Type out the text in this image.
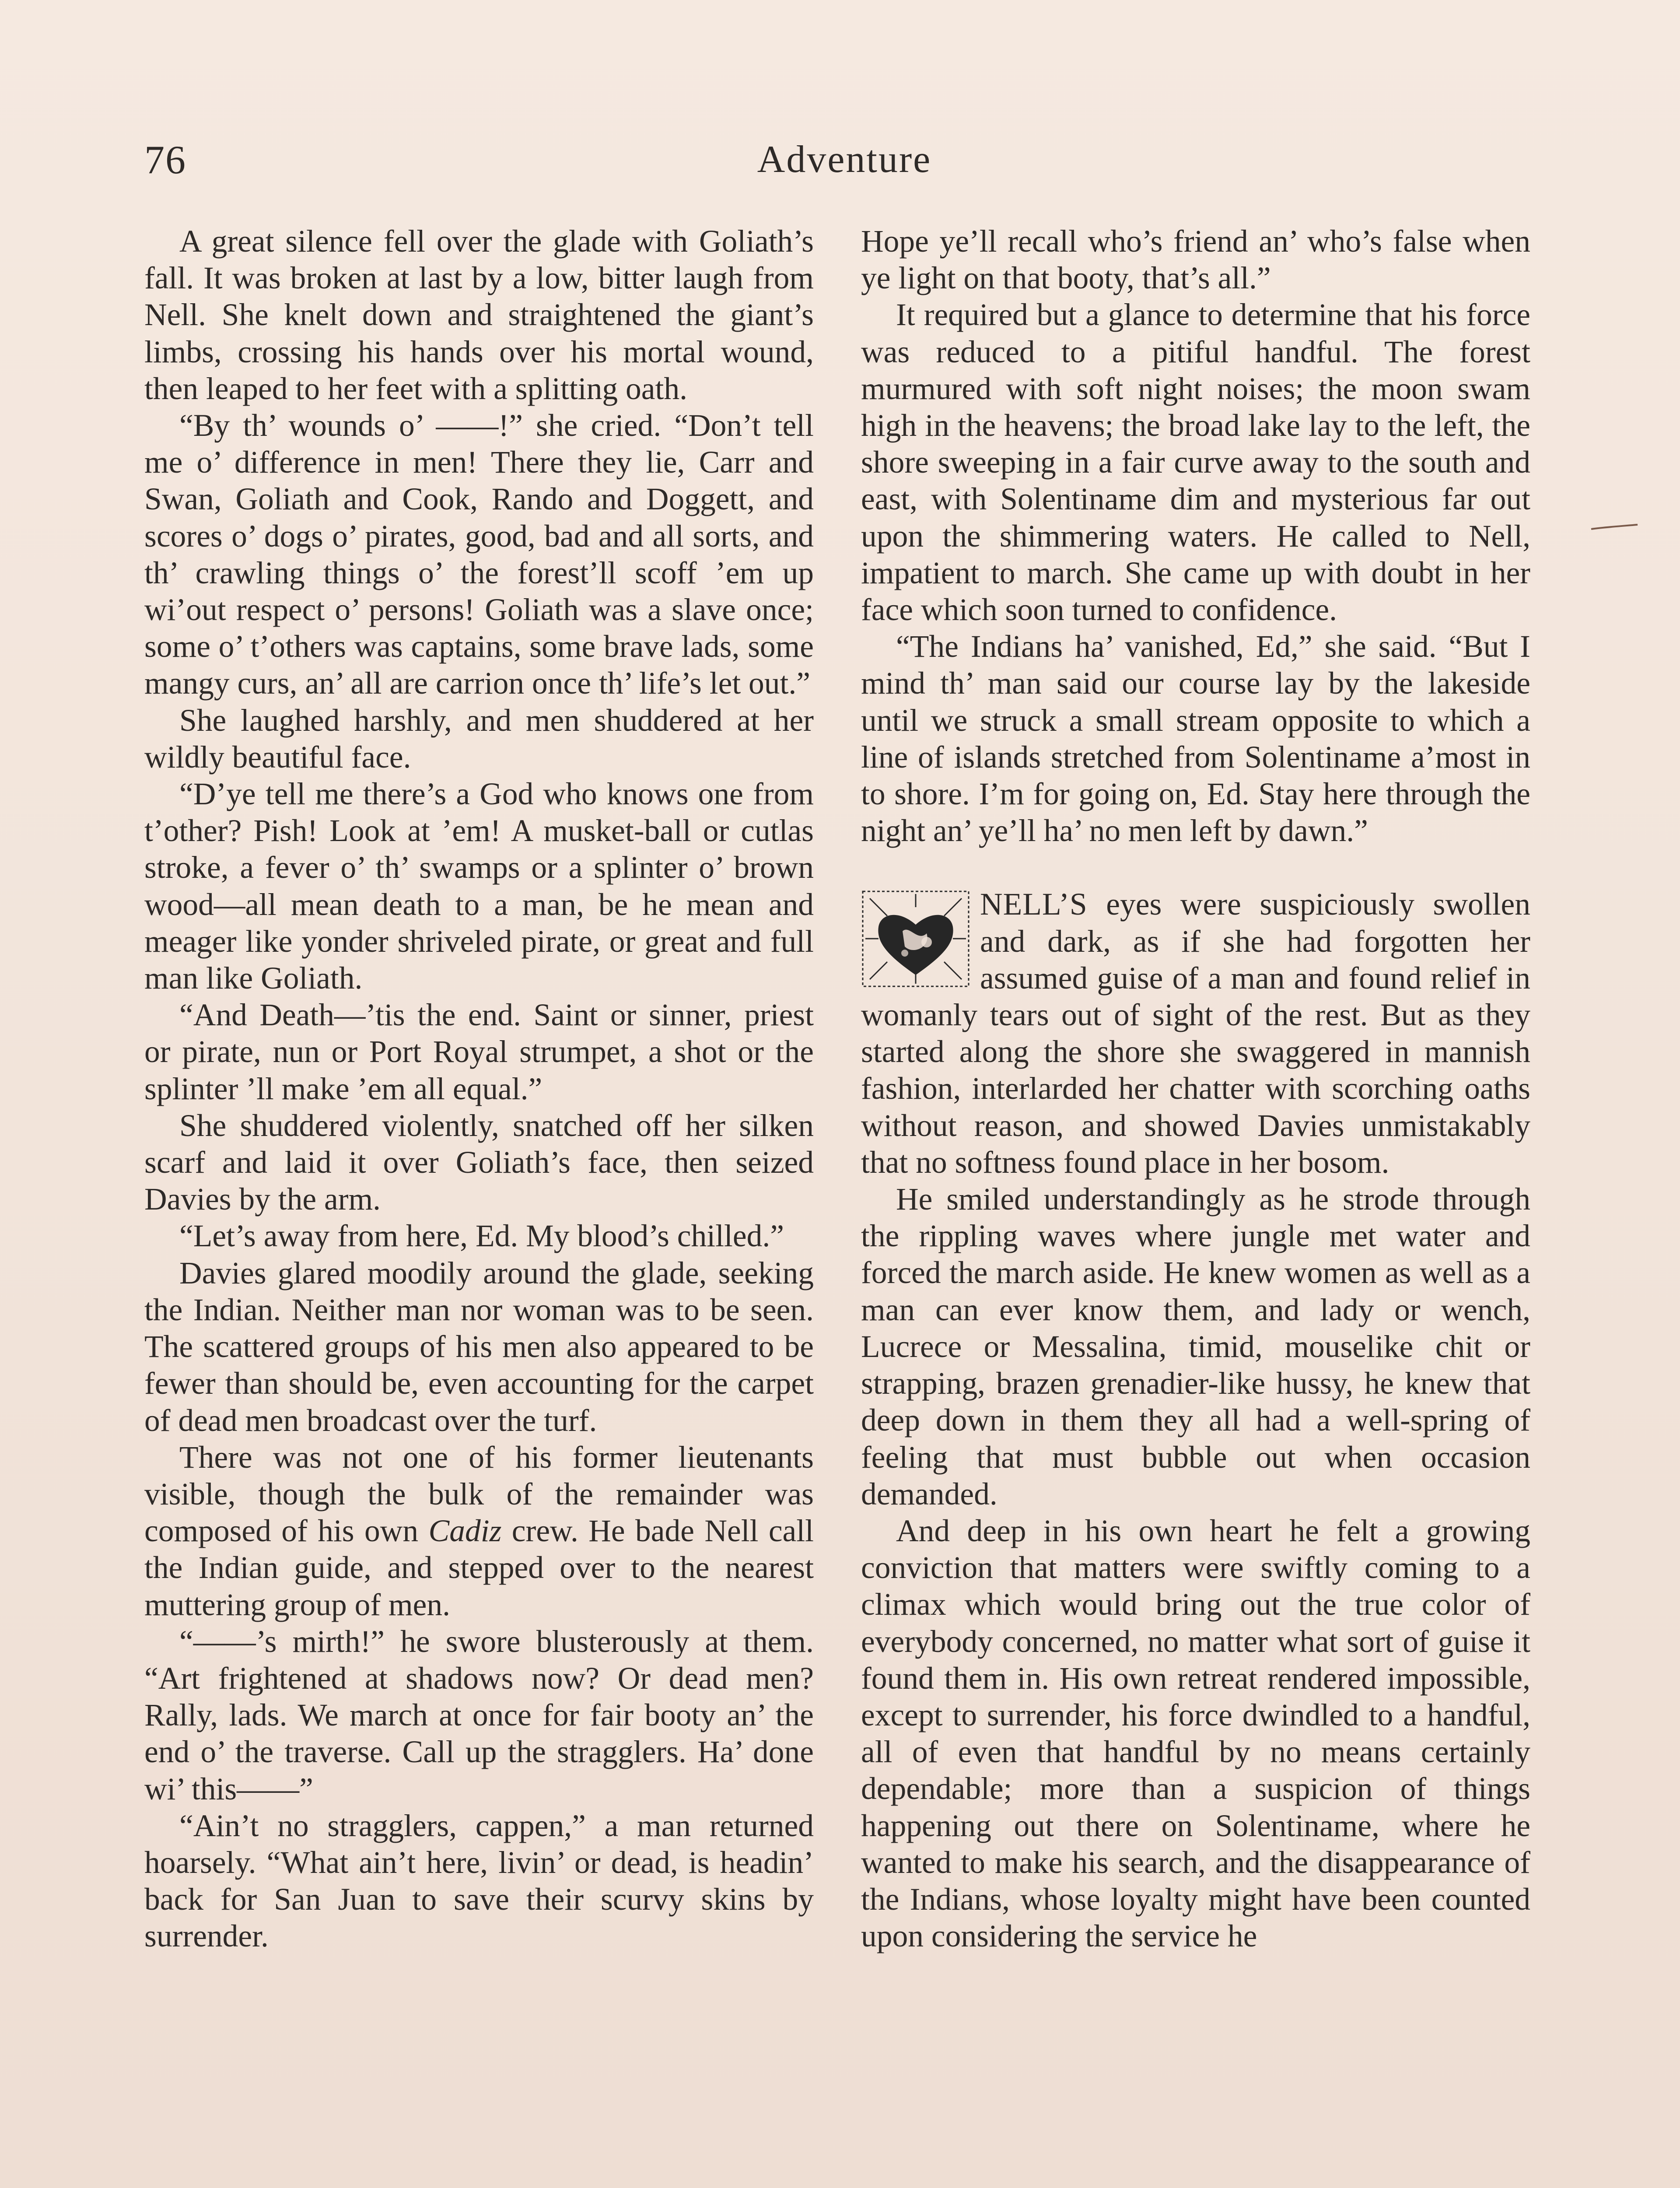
76	Adventure

A great silence fell over the glade with Goliath’s fall. It was broken at last by a low, bitter laugh from Nell. She knelt down and straightened the giant’s limbs, crossing his hands over his mortal wound, then leaped to her feet with a splitting oath.

“By th’ wounds o’ ——!” she cried. “Don’t tell me o’ difference in men! There they lie, Carr and Swan, Goliath and Cook, Rando and Doggett, and scores o’ dogs o’ pirates, good, bad and all sorts, and th’ crawling things o’ the forest’ll scoff ’em up wi’out respect o’ persons! Goliath was a slave once; some o’ t’others was captains, some brave lads, some mangy curs, an’ all are carrion once th’ life’s let out.”

She laughed harshly, and men shuddered at her wildly beautiful face.

“D’ye tell me there’s a God who knows one from t’other? Pish! Look at ’em! A musket-ball or cutlas stroke, a fever o’ th’ swamps or a splinter o’ brown wood—all mean death to a man, be he mean and meager like yonder shriveled pirate, or great and full man like Goliath.

“And Death—’tis the end. Saint or sinner, priest or pirate, nun or Port Royal strumpet, a shot or the splinter ’ll make ’em all equal.”

She shuddered violently, snatched off her silken scarf and laid it over Goliath’s face, then seized Davies by the arm.

“Let’s away from here, Ed. My blood’s chilled.”

Davies glared moodily around the glade, seeking the Indian. Neither man nor woman was to be seen. The scattered groups of his men also appeared to be fewer than should be, even accounting for the carpet of dead men broadcast over the turf.

There was not one of his former lieutenants visible, though the bulk of the remainder was composed of his own Cadiz crew. He bade Nell call the Indian guide, and stepped over to the nearest muttering group of men.

“——’s mirth!” he swore blusterously at them. “Art frightened at shadows now? Or dead men? Rally, lads. We march at once for fair booty an’ the end o’ the traverse. Call up the stragglers. Ha’ done wi’ this——”

“Ain’t no stragglers, cappen,” a man returned hoarsely. “What ain’t here, livin’ or dead, is headin’ back for San Juan to save their scurvy skins by surrender.

Hope ye’ll recall who’s friend an’ who’s false when ye light on that booty, that’s all.”

It required but a glance to determine that his force was reduced to a pitiful handful. The forest murmured with soft night noises; the moon swam high in the heavens; the broad lake lay to the left, the shore sweeping in a fair curve away to the south and east, with Solentiname dim and mysterious far out upon the shimmering waters. He called to Nell, impatient to march. She came up with doubt in her face which soon turned to confidence.

“The Indians ha’ vanished, Ed,” she said. “But I mind th’ man said our course lay by the lakeside until we struck a small stream opposite to which a line of islands stretched from Solentiname a’most in to shore. I’m for going on, Ed. Stay here through the night an’ ye’ll ha’ no men left by dawn.”

NELL’S eyes were suspiciously swollen and dark, as if she had forgotten her assumed guise of a man and found relief in womanly tears out of sight of the rest. But as they started along the shore she swaggered in mannish fashion, interlarded her chatter with scorching oaths without reason, and showed Davies unmistakably that no softness found place in her bosom.

He smiled understandingly as he strode through the rippling waves where jungle met water and forced the march aside. He knew women as well as a man can ever know them, and lady or wench, Lucrece or Messalina, timid, mouselike chit or strapping, brazen grenadier-like hussy, he knew that deep down in them they all had a well-spring of feeling that must bubble out when occasion demanded.

And deep in his own heart he felt a growing conviction that matters were swiftly coming to a climax which would bring out the true color of everybody concerned, no matter what sort of guise it found them in. His own retreat rendered impossible, except to surrender, his force dwindled to a handful, all of even that handful by no means certainly dependable; more than a suspicion of things happening out there on Solentiname, where he wanted to make his search, and the disappearance of the Indians, whose loyalty might have been counted upon considering the service he
